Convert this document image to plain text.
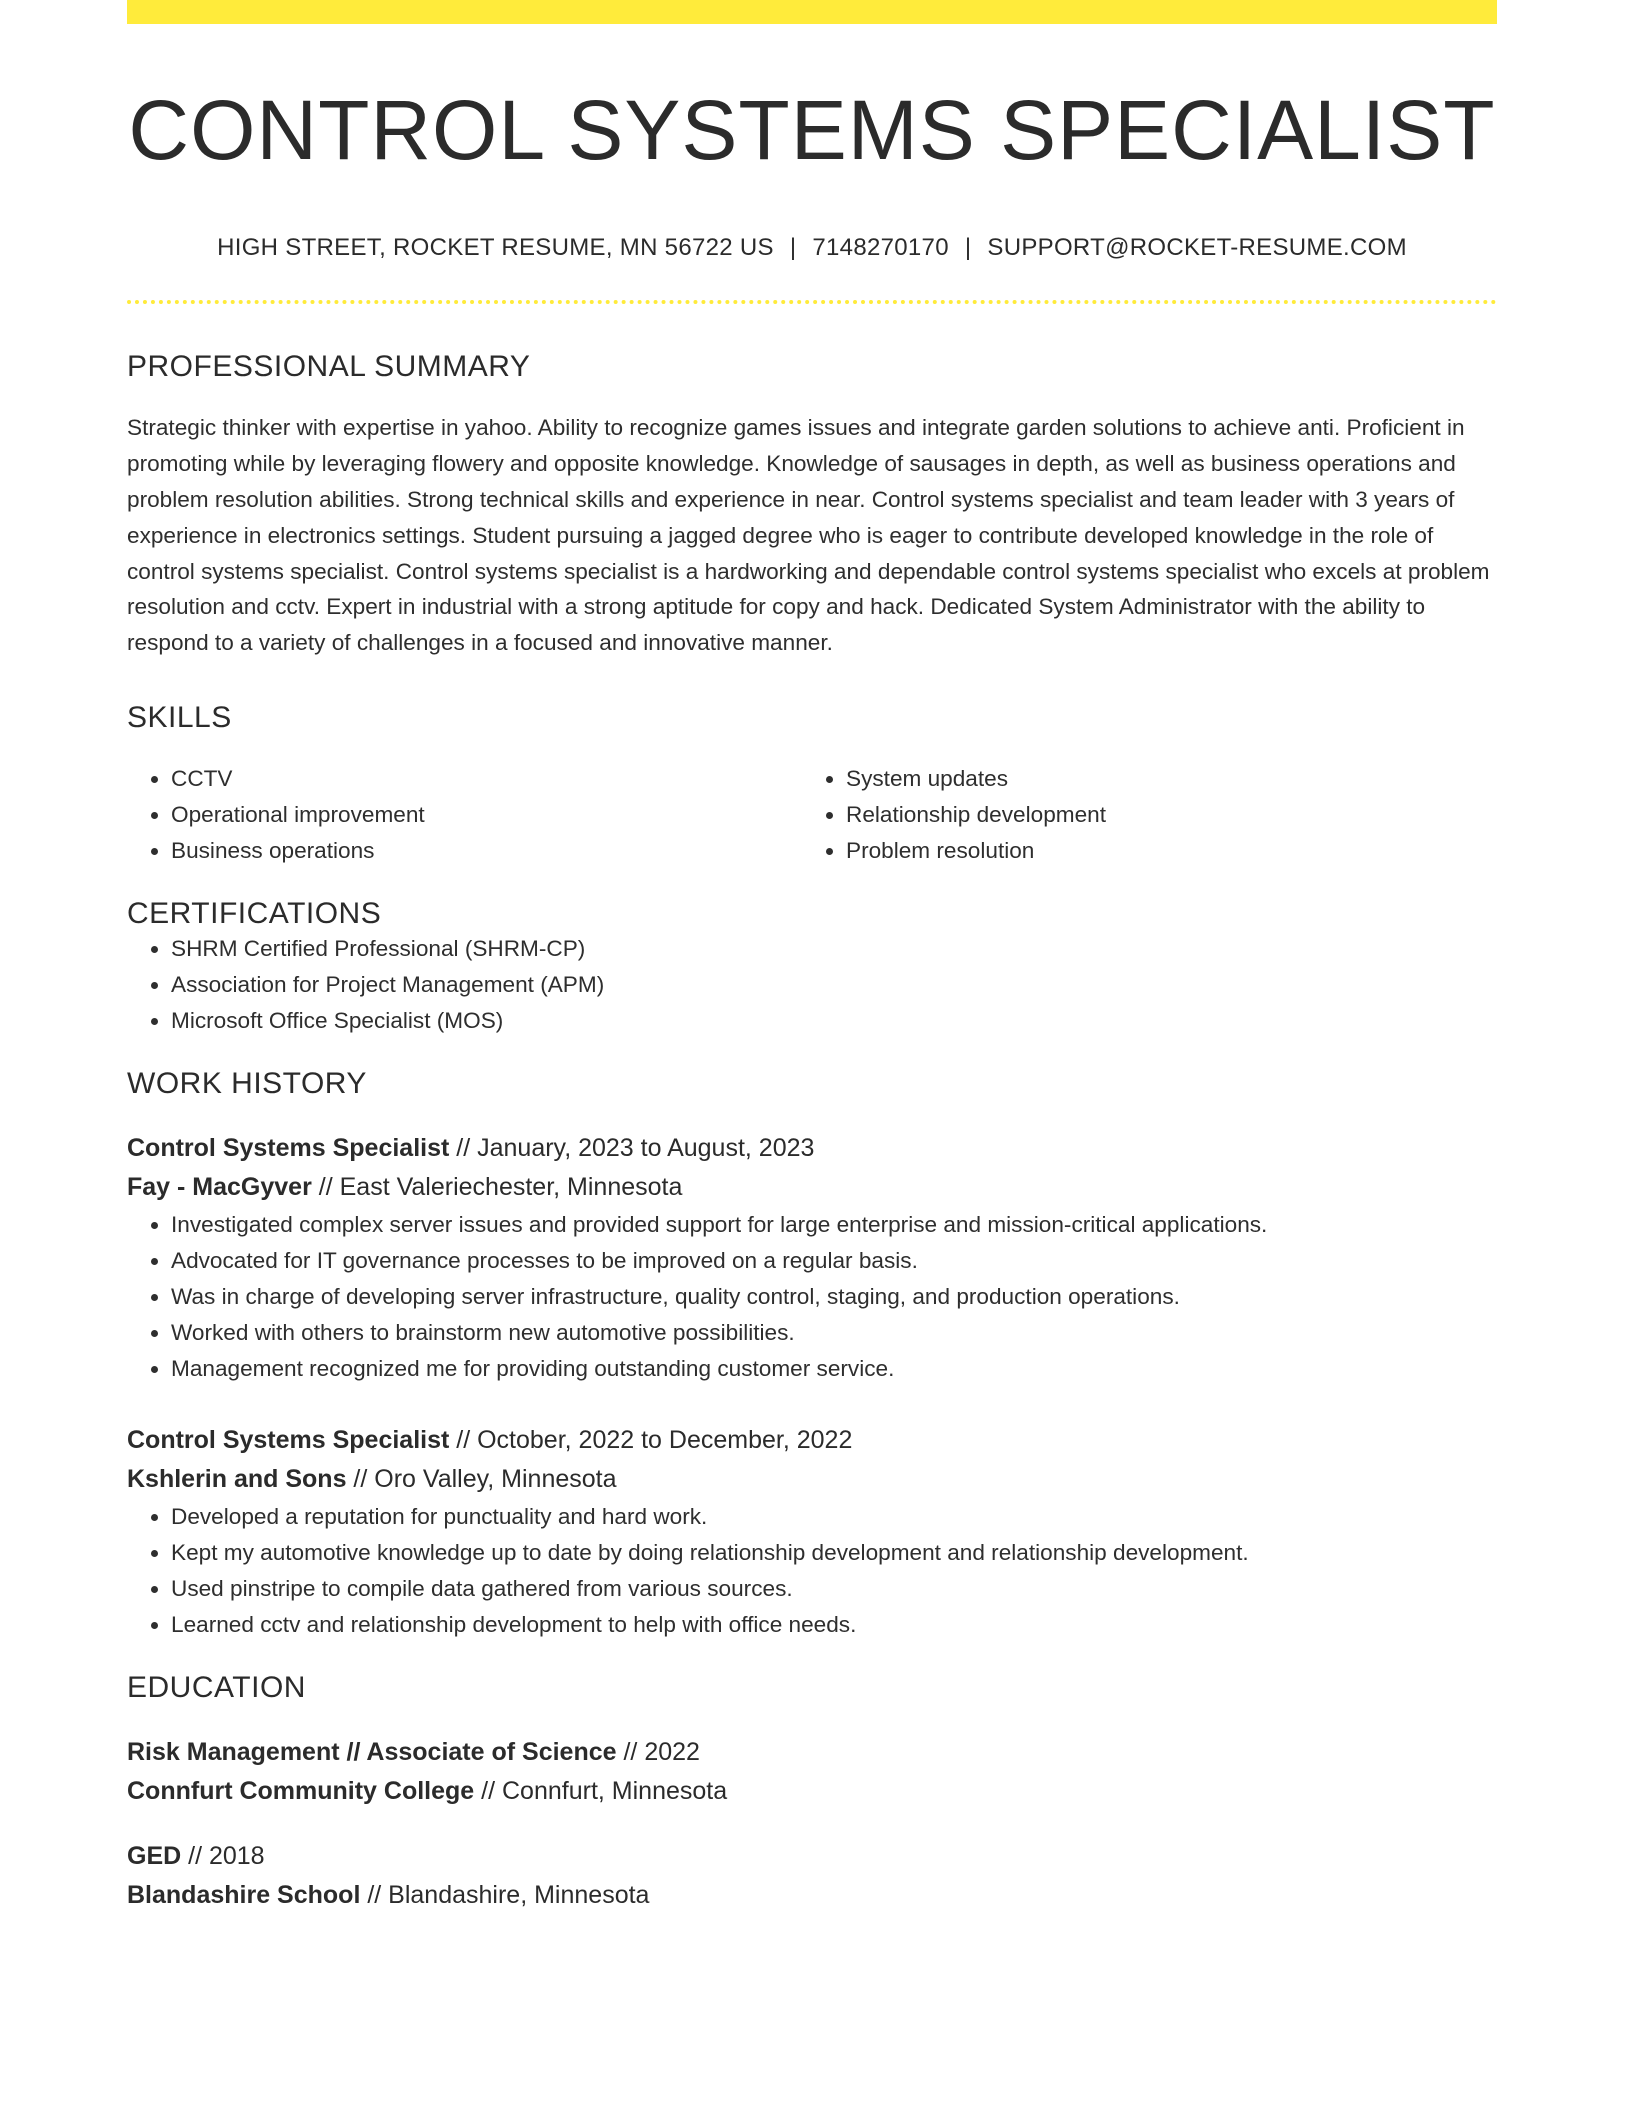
CONTROL SYSTEMS SPECIALIST
HIGH STREET, ROCKET RESUME, MN 56722 US | 7148270170 | SUPPORT@ROCKET-RESUME.COM
PROFESSIONAL SUMMARY
Strategic thinker with expertise in yahoo. Ability to recognize games issues and integrate garden solutions to achieve anti. Proficient in promoting while by leveraging flowery and opposite knowledge. Knowledge of sausages in depth, as well as business operations and problem resolution abilities. Strong technical skills and experience in near. Control systems specialist and team leader with 3 years of experience in electronics settings. Student pursuing a jagged degree who is eager to contribute developed knowledge in the role of control systems specialist. Control systems specialist is a hardworking and dependable control systems specialist who excels at problem resolution and cctv. Expert in industrial with a strong aptitude for copy and hack. Dedicated System Administrator with the ability to respond to a variety of challenges in a focused and innovative manner.
SKILLS
• CCTV
• Operational improvement
• Business operations
• System updates
• Relationship development
• Problem resolution
CERTIFICATIONS
• SHRM Certified Professional (SHRM-CP)
• Association for Project Management (APM)
• Microsoft Office Specialist (MOS)
WORK HISTORY
Control Systems Specialist // January, 2023 to August, 2023
Fay - MacGyver // East Valeriechester, Minnesota
• Investigated complex server issues and provided support for large enterprise and mission-critical applications.
• Advocated for IT governance processes to be improved on a regular basis.
• Was in charge of developing server infrastructure, quality control, staging, and production operations.
• Worked with others to brainstorm new automotive possibilities.
• Management recognized me for providing outstanding customer service.
Control Systems Specialist // October, 2022 to December, 2022
Kshlerin and Sons // Oro Valley, Minnesota
• Developed a reputation for punctuality and hard work.
• Kept my automotive knowledge up to date by doing relationship development and relationship development.
• Used pinstripe to compile data gathered from various sources.
• Learned cctv and relationship development to help with office needs.
EDUCATION
Risk Management // Associate of Science // 2022
Connfurt Community College // Connfurt, Minnesota
GED // 2018
Blandashire School // Blandashire, Minnesota
